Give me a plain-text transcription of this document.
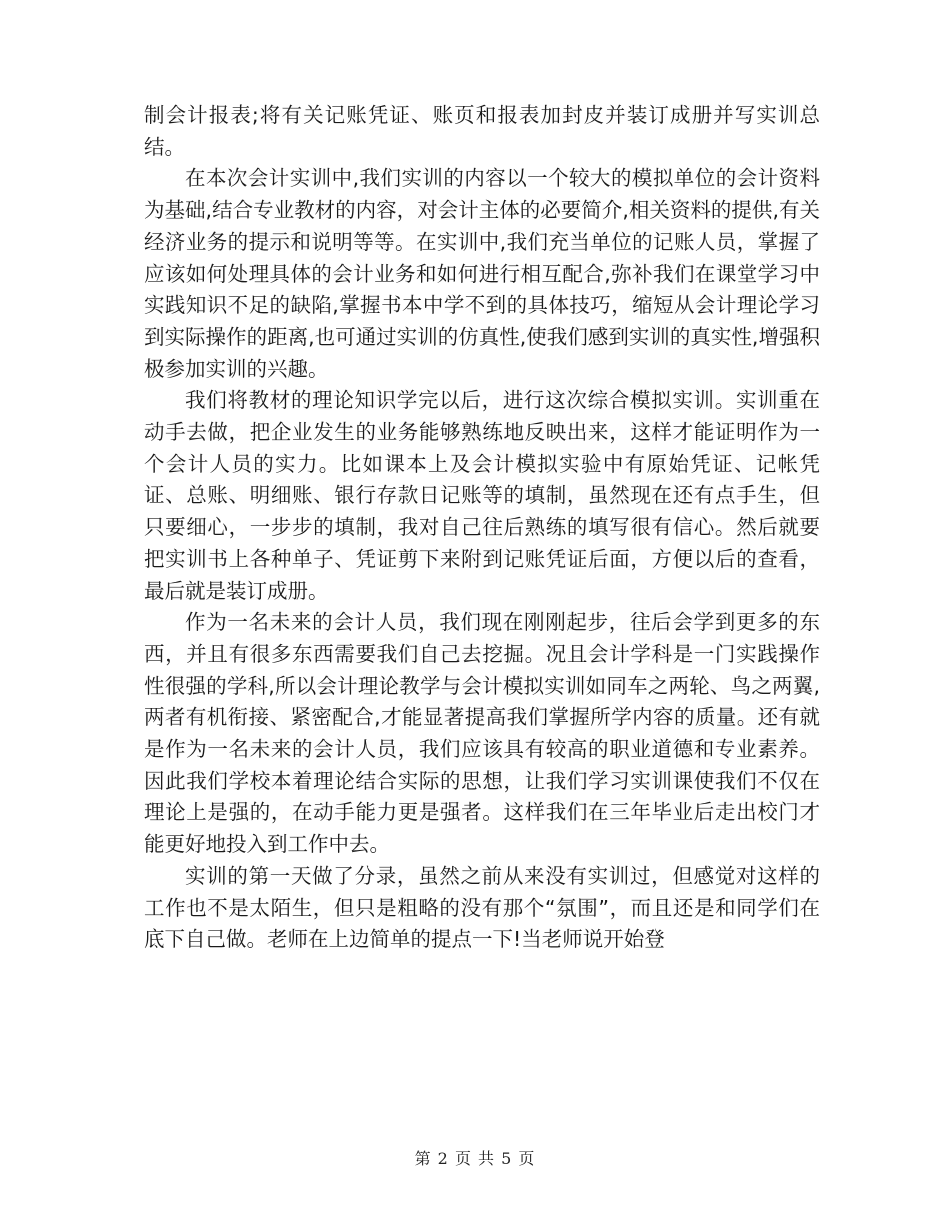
制会计报表;将有关记账凭证、账页和报表加封皮并装订成册并写实训总结。

在本次会计实训中,我们实训的内容以一个较大的模拟单位的会计资料为基础,结合专业教材的内容，对会计主体的必要简介,相关资料的提供,有关经济业务的提示和说明等等。在实训中,我们充当单位的记账人员，掌握了应该如何处理具体的会计业务和如何进行相互配合,弥补我们在课堂学习中实践知识不足的缺陷,掌握书本中学不到的具体技巧，缩短从会计理论学习到实际操作的距离,也可通过实训的仿真性,使我们感到实训的真实性,增强积极参加实训的兴趣。

我们将教材的理论知识学完以后，进行这次综合模拟实训。实训重在动手去做，把企业发生的业务能够熟练地反映出来，这样才能证明作为一个会计人员的实力。比如课本上及会计模拟实验中有原始凭证、记帐凭证、总账、明细账、银行存款日记账等的填制，虽然现在还有点手生，但只要细心，一步步的填制，我对自己往后熟练的填写很有信心。然后就要把实训书上各种单子、凭证剪下来附到记账凭证后面，方便以后的查看，最后就是装订成册。

作为一名未来的会计人员，我们现在刚刚起步，往后会学到更多的东西，并且有很多东西需要我们自己去挖掘。况且会计学科是一门实践操作性很强的学科,所以会计理论教学与会计模拟实训如同车之两轮、鸟之两翼,两者有机衔接、紧密配合,才能显著提高我们掌握所学内容的质量。还有就是作为一名未来的会计人员，我们应该具有较高的职业道德和专业素养。因此我们学校本着理论结合实际的思想，让我们学习实训课使我们不仅在理论上是强的，在动手能力更是强者。这样我们在三年毕业后走出校门才能更好地投入到工作中去。

实训的第一天做了分录，虽然之前从来没有实训过，但感觉对这样的工作也不是太陌生，但只是粗略的没有那个“氛围”，而且还是和同学们在底下自己做。老师在上边简单的提点一下!当老师说开始登

第 2 页 共 5 页
